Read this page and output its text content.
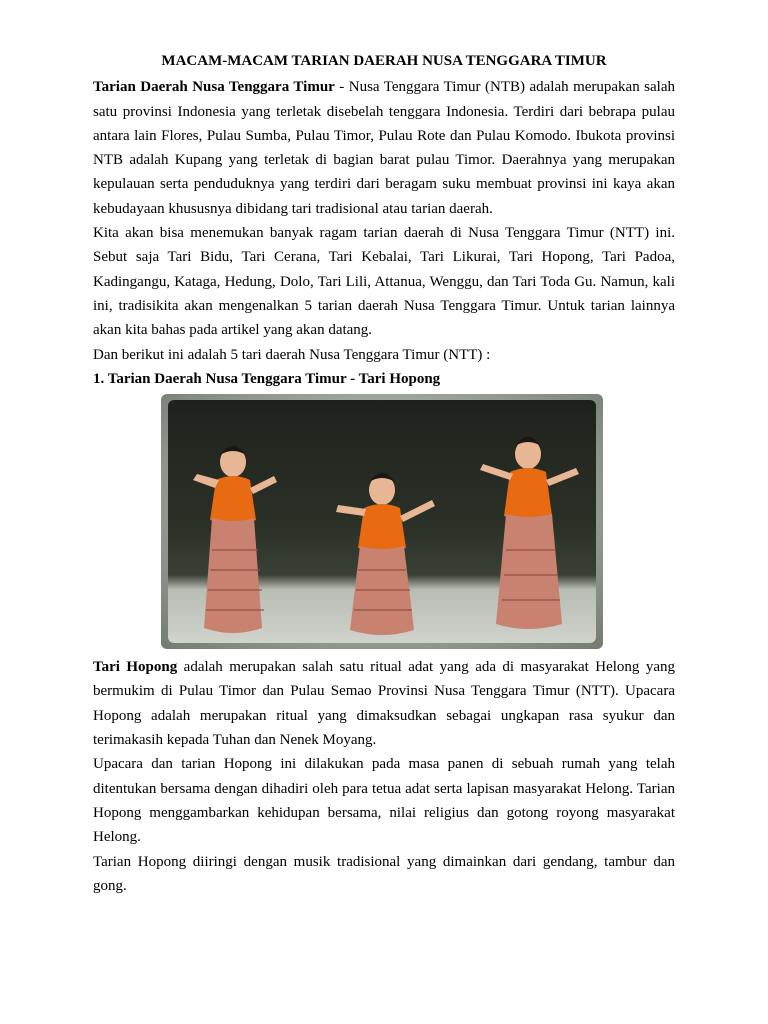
MACAM-MACAM TARIAN DAERAH NUSA TENGGARA TIMUR

Tarian Daerah Nusa Tenggara Timur - Nusa Tenggara Timur (NTB) adalah merupakan salah satu provinsi Indonesia yang terletak disebelah tenggara Indonesia. Terdiri dari bebrapa pulau antara lain Flores, Pulau Sumba, Pulau Timor, Pulau Rote dan Pulau Komodo. Ibukota provinsi NTB adalah Kupang yang terletak di bagian barat pulau Timor. Daerahnya yang merupakan kepulauan serta penduduknya yang terdiri dari beragam suku membuat provinsi ini kaya akan kebudayaan khususnya dibidang tari tradisional atau tarian daerah.

Kita akan bisa menemukan banyak ragam tarian daerah di Nusa Tenggara Timur (NTT) ini. Sebut saja Tari Bidu, Tari Cerana, Tari Kebalai, Tari Likurai, Tari Hopong, Tari Padoa, Kadingangu, Kataga, Hedung, Dolo, Tari Lili, Attanua, Wenggu, dan Tari Toda Gu. Namun, kali ini, tradisikita akan mengenalkan 5 tarian daerah Nusa Tenggara Timur. Untuk tarian lainnya akan kita bahas pada artikel yang akan datang.

Dan berikut ini adalah 5 tari daerah Nusa Tenggara Timur (NTT) :

1. Tarian Daerah Nusa Tenggara Timur - Tari Hopong

Tari Hopong adalah merupakan salah satu ritual adat yang ada di masyarakat Helong yang bermukim di Pulau Timor dan Pulau Semao Provinsi Nusa Tenggara Timur (NTT). Upacara Hopong adalah merupakan ritual yang dimaksudkan sebagai ungkapan rasa syukur dan terimakasih kepada Tuhan dan Nenek Moyang.

Upacara dan tarian Hopong ini dilakukan pada masa panen di sebuah rumah yang telah ditentukan bersama dengan dihadiri oleh para tetua adat serta lapisan masyarakat Helong. Tarian Hopong menggambarkan kehidupan bersama, nilai religius dan gotong royong masyarakat Helong.

Tarian Hopong diiringi dengan musik tradisional yang dimainkan dari gendang, tambur dan gong.
